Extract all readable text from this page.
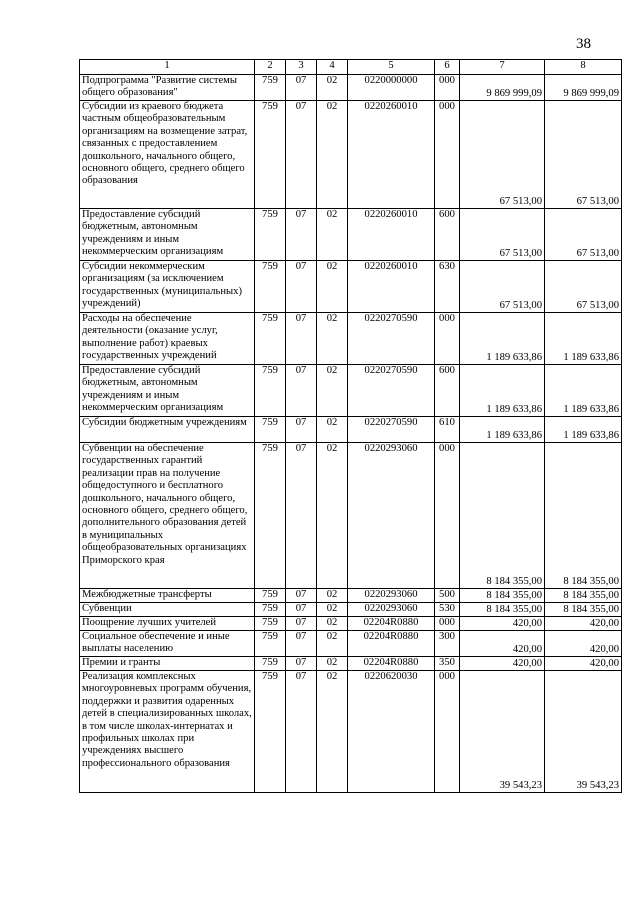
38
1	2	3	4	5	6	7	8
Подпрограмма "Развитие системы общего образования"	759	07	02	0220000000	000	9 869 999,09	9 869 999,09
Субсидии из краевого бюджета частным общеобразовательным организациям на возмещение затрат, связанных с предоставлением дошкольного, начального общего, основного общего, среднего общего образования	759	07	02	0220260010	000	67 513,00	67 513,00
Предоставление субсидий бюджетным, автономным учреждениям и иным некоммерческим организациям	759	07	02	0220260010	600	67 513,00	67 513,00
Субсидии некоммерческим организациям (за исключением государственных (муниципальных) учреждений)	759	07	02	0220260010	630	67 513,00	67 513,00
Расходы на обеспечение деятельности (оказание услуг, выполнение работ) краевых государственных учреждений	759	07	02	0220270590	000	1 189 633,86	1 189 633,86
Предоставление субсидий бюджетным, автономным учреждениям и иным некоммерческим организациям	759	07	02	0220270590	600	1 189 633,86	1 189 633,86
Субсидии бюджетным учреждениям	759	07	02	0220270590	610	1 189 633,86	1 189 633,86
Субвенции на обеспечение государственных гарантий реализации прав на получение общедоступного и бесплатного дошкольного, начального общего, основного общего, среднего общего, дополнительного образования детей в муниципальных общеобразовательных организациях Приморского края	759	07	02	0220293060	000	8 184 355,00	8 184 355,00
Межбюджетные трансферты	759	07	02	0220293060	500	8 184 355,00	8 184 355,00
Субвенции	759	07	02	0220293060	530	8 184 355,00	8 184 355,00
Поощрение лучших учителей	759	07	02	02204R0880	000	420,00	420,00
Социальное обеспечение и иные выплаты населению	759	07	02	02204R0880	300	420,00	420,00
Премии и гранты	759	07	02	02204R0880	350	420,00	420,00
Реализация комплексных многоуровневых программ обучения, поддержки и развития одаренных детей в специализированных школах, в том числе школах-интернатах и профильных школах при учреждениях высшего профессионального образования	759	07	02	0220620030	000	39 543,23	39 543,23
